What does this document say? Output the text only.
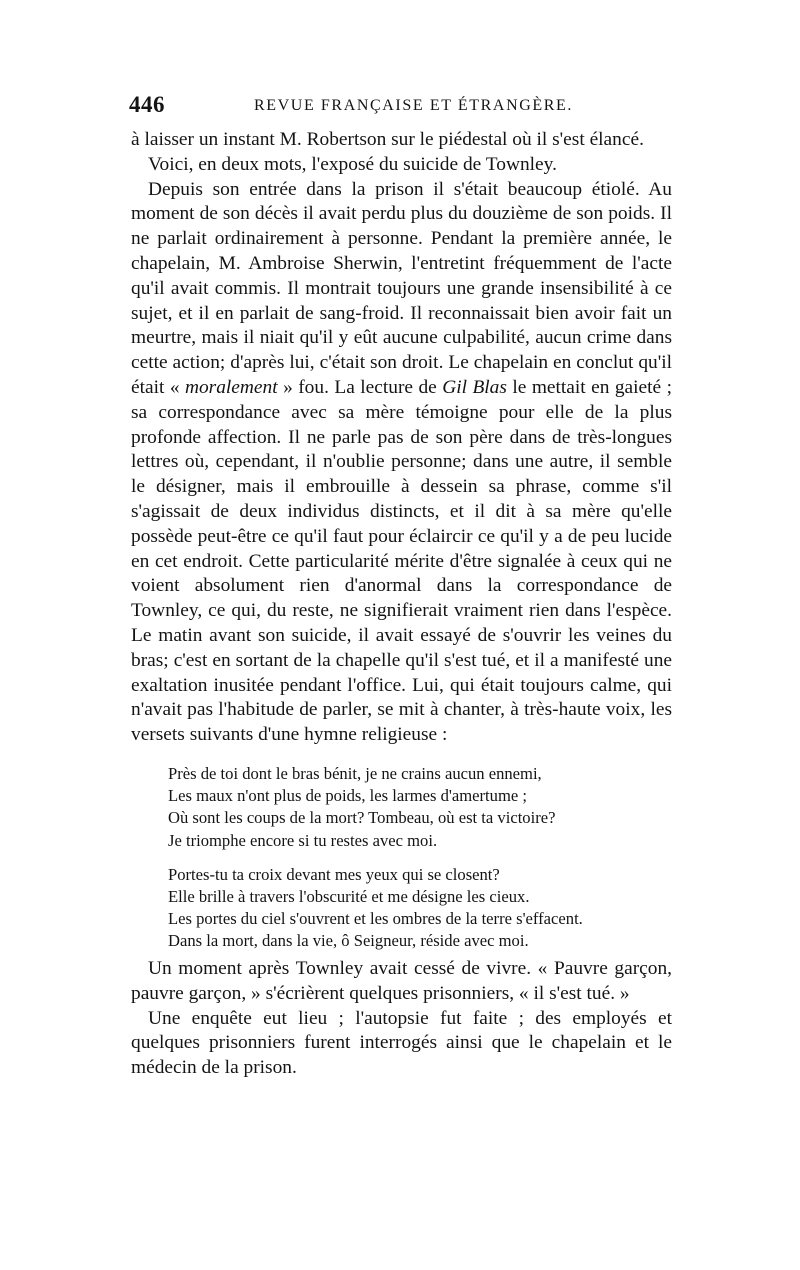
446	REVUE FRANÇAISE ET ÉTRANGÈRE.

à laisser un instant M. Robertson sur le piédestal où il s'est élancé.

Voici, en deux mots, l'exposé du suicide de Townley.

Depuis son entrée dans la prison il s'était beaucoup étiolé. Au moment de son décès il avait perdu plus du douzième de son poids. Il ne parlait ordinairement à personne. Pendant la première année, le chapelain, M. Ambroise Sherwin, l'entretint fréquemment de l'acte qu'il avait commis. Il montrait toujours une grande insensibilité à ce sujet, et il en parlait de sang-froid. Il reconnaissait bien avoir fait un meurtre, mais il niait qu'il y eût aucune culpabilité, aucun crime dans cette action; d'après lui, c'était son droit. Le chapelain en conclut qu'il était « moralement » fou. La lecture de Gil Blas le mettait en gaieté ; sa correspondance avec sa mère témoigne pour elle de la plus profonde affection. Il ne parle pas de son père dans de très-longues lettres où, cependant, il n'oublie personne; dans une autre, il semble le désigner, mais il embrouille à dessein sa phrase, comme s'il s'agissait de deux individus distincts, et il dit à sa mère qu'elle possède peut-être ce qu'il faut pour éclaircir ce qu'il y a de peu lucide en cet endroit. Cette particularité mérite d'être signalée à ceux qui ne voient absolument rien d'anormal dans la correspondance de Townley, ce qui, du reste, ne signifierait vraiment rien dans l'espèce. Le matin avant son suicide, il avait essayé de s'ouvrir les veines du bras; c'est en sortant de la chapelle qu'il s'est tué, et il a manifesté une exaltation inusitée pendant l'office. Lui, qui était toujours calme, qui n'avait pas l'habitude de parler, se mit à chanter, à très-haute voix, les versets suivants d'une hymne religieuse :

Près de toi dont le bras bénit, je ne crains aucun ennemi,
Les maux n'ont plus de poids, les larmes d'amertume ;
Où sont les coups de la mort? Tombeau, où est ta victoire?
Je triomphe encore si tu restes avec moi.
Portes-tu ta croix devant mes yeux qui se closent?
Elle brille à travers l'obscurité et me désigne les cieux.
Les portes du ciel s'ouvrent et les ombres de la terre s'effacent.
Dans la mort, dans la vie, ô Seigneur, réside avec moi.

Un moment après Townley avait cessé de vivre. « Pauvre garçon, pauvre garçon, » s'écrièrent quelques prisonniers, « il s'est tué. »

Une enquête eut lieu ; l'autopsie fut faite ; des employés et quelques prisonniers furent interrogés ainsi que le chapelain et le médecin de la prison.
